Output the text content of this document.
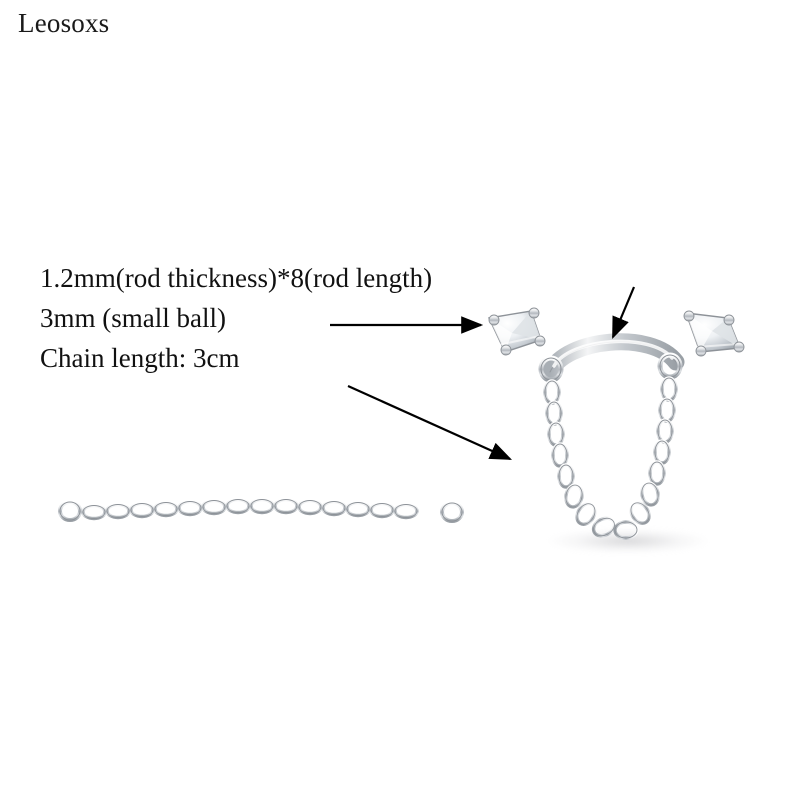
Leosoxs
1.2mm(rod thickness)*8(rod length)
3mm (small ball)
Chain length: 3cm
